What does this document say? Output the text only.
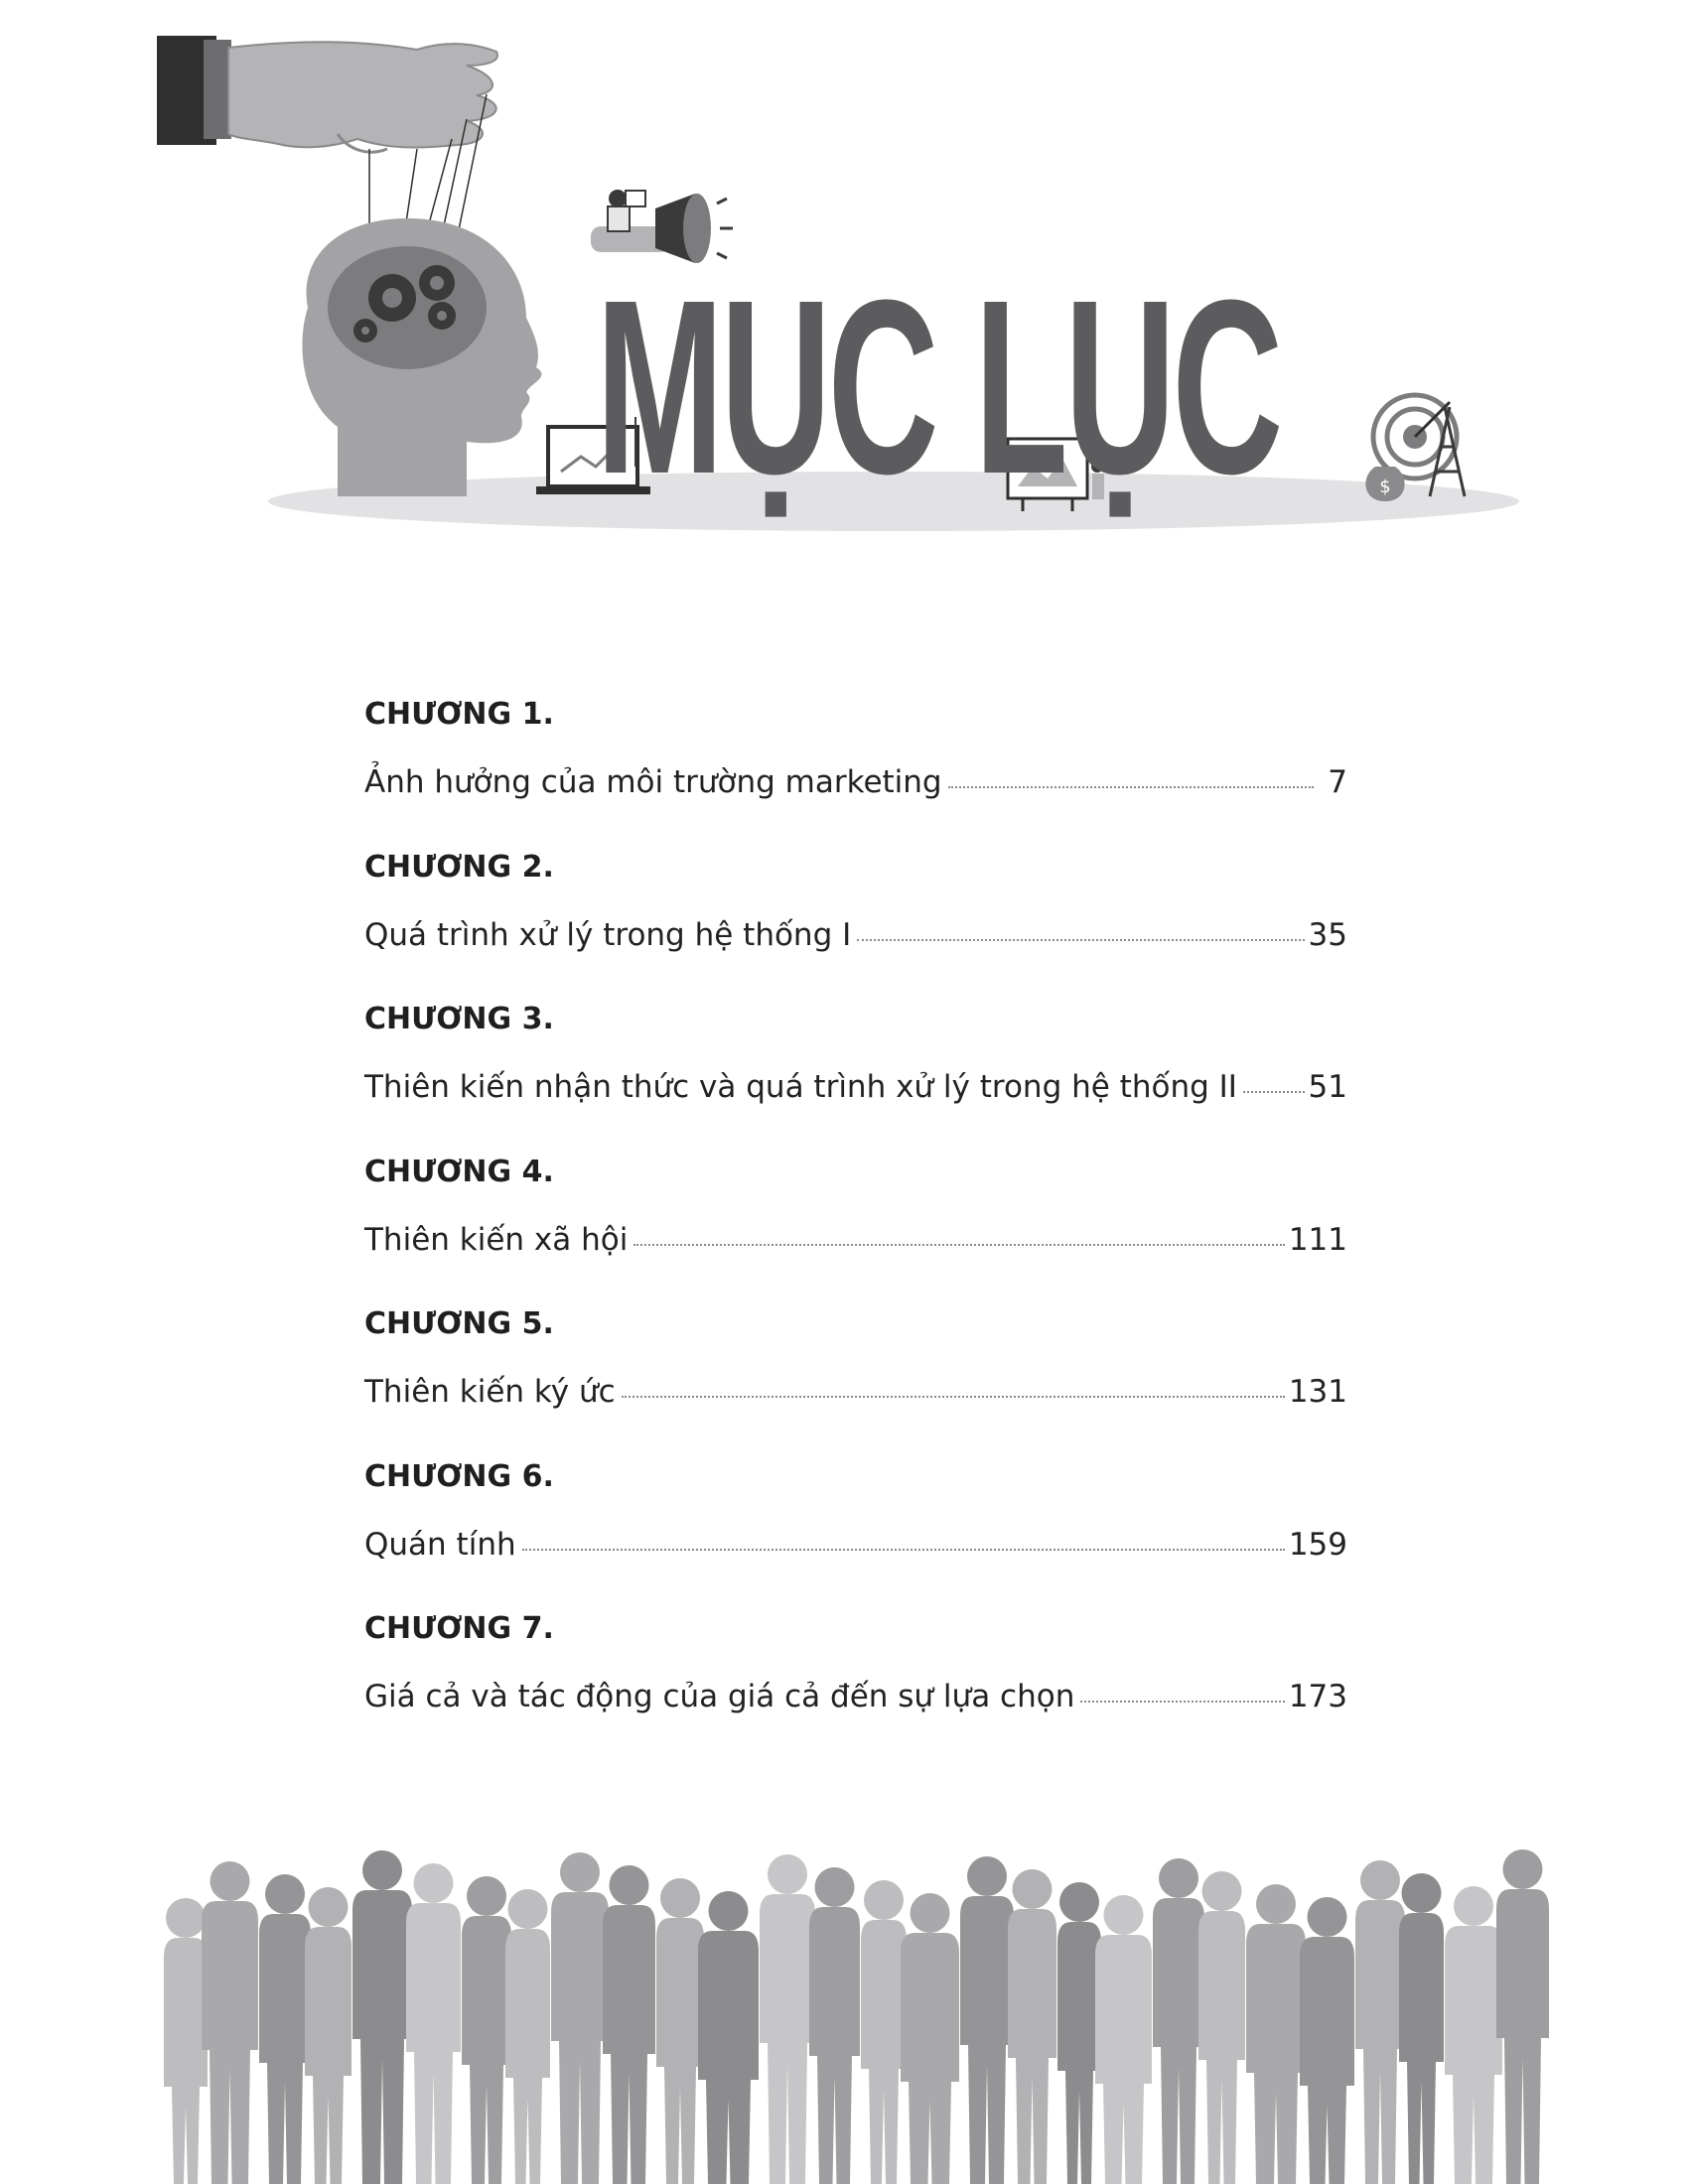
$
MỤC LỤC

CHƯƠNG 1.

Ảnh hưởng của môi trường marketing	7

CHƯƠNG 2.

Quá trình xử lý trong hệ thống I	35

CHƯƠNG 3.

Thiên kiến nhận thức và quá trình xử lý trong hệ thống II 51

CHƯƠNG 4.

Thiên kiến xã hội	111

CHƯƠNG 5.

Thiên kiến ký ức	131

CHƯƠNG 6.

Quán tính	159

CHƯƠNG 7.

Giá cả và tác động của giá cả đến sự lựa chọn	173
